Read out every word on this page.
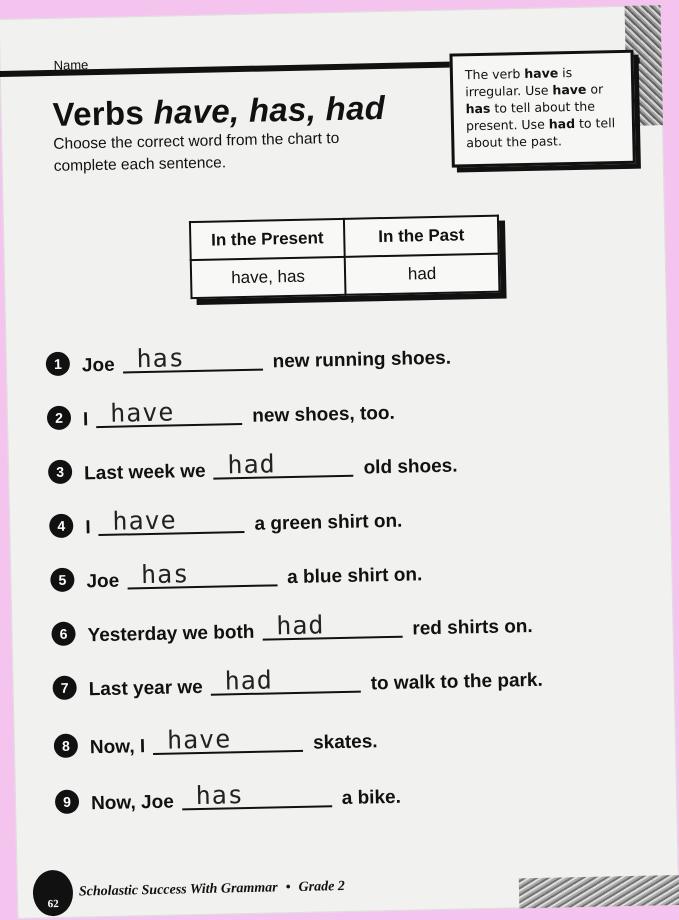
Name
Verbs have, has, had
Choose the correct word from the chart to complete each sentence.

The verb have is irregular. Use have or has to tell about the present. Use had to tell about the past.

In the Present	In the Past
have, has	had
1	Joe has	new running shoes.
2	I have	new shoes, too.
3	Last week we had	old shoes.
4	I have	a green shirt on.
5	Joe has	a blue shirt on.
6	Yesterday we both had	red shirts on.
7	Last year we had	to walk to the park.
8	Now, I have	skates.
9	Now, Joe has	a bike.
62
Scholastic Success With Grammar • Grade 2
